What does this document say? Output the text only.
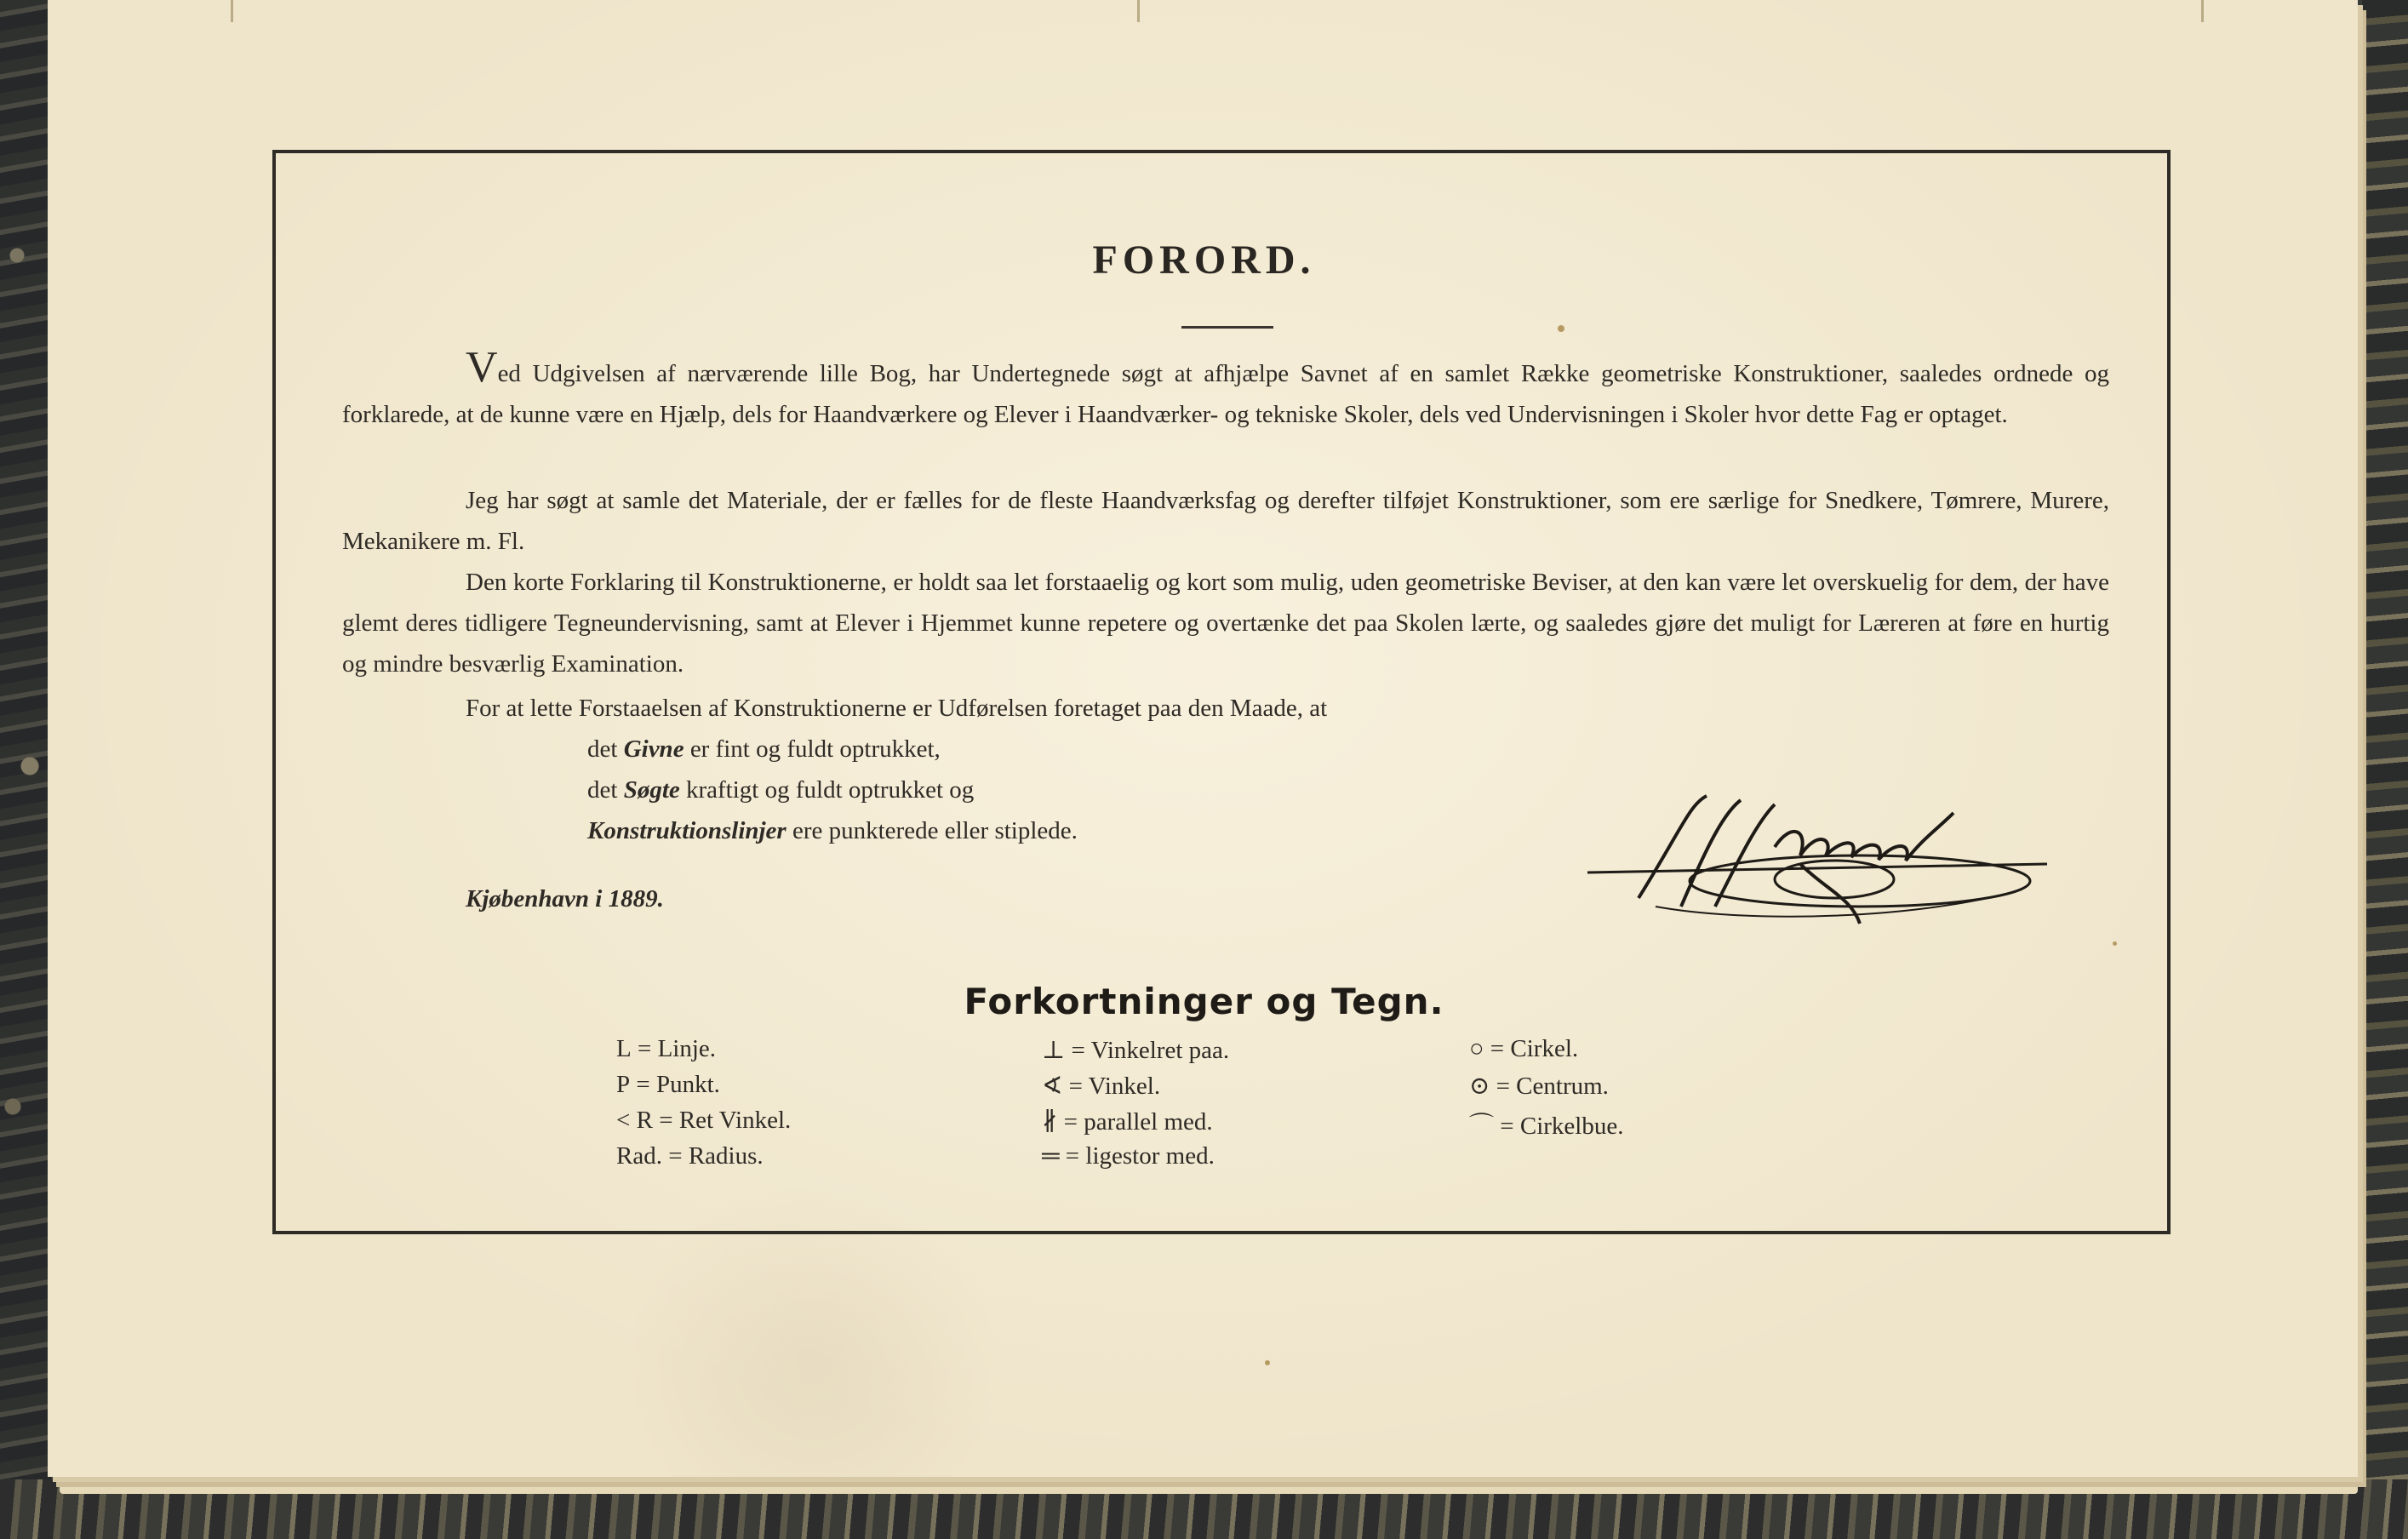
FORORD.
Ved Udgivelsen af nærværende lille Bog, har Undertegnede søgt at afhjælpe Savnet af en samlet Række geometriske Konstruktioner, saaledes ordnede og forklarede, at de kunne være en Hjælp, dels for Haandværkere og Elever i Haandværker- og tekniske Skoler, dels ved Undervisningen i Skoler hvor dette Fag er optaget.
Jeg har søgt at samle det Materiale, der er fælles for de fleste Haandværksfag og derefter tilføjet Konstruktioner, som ere særlige for Snedkere, Tømrere, Murere, Mekanikere m. Fl.
Den korte Forklaring til Konstruktionerne, er holdt saa let forstaaelig og kort som mulig, uden geometriske Beviser, at den kan være let overskuelig for dem, der have glemt deres tidligere Tegneundervisning, samt at Elever i Hjemmet kunne repetere og overtænke det paa Skolen lærte, og saaledes gjøre det muligt for Læreren at føre en hurtig og mindre besværlig Examination.
For at lette Forstaaelsen af Konstruktionerne er Udførelsen foretaget paa den Maade, at
det Givne er fint og fuldt optrukket,
det Søgte kraftigt og fuldt optrukket og
Konstruktionslinjer ere punkterede eller stiplede.
Kjøbenhavn i 1889.
Forkortninger og Tegn.
L = Linje.
P = Punkt.
< R = Ret Vinkel.
Rad. = Radius.
⊥ = Vinkelret paa.
∢ = Vinkel.
∦ = parallel med.
═ = ligestor med.
○ = Cirkel.
⊙ = Centrum.
⌒ = Cirkelbue.
